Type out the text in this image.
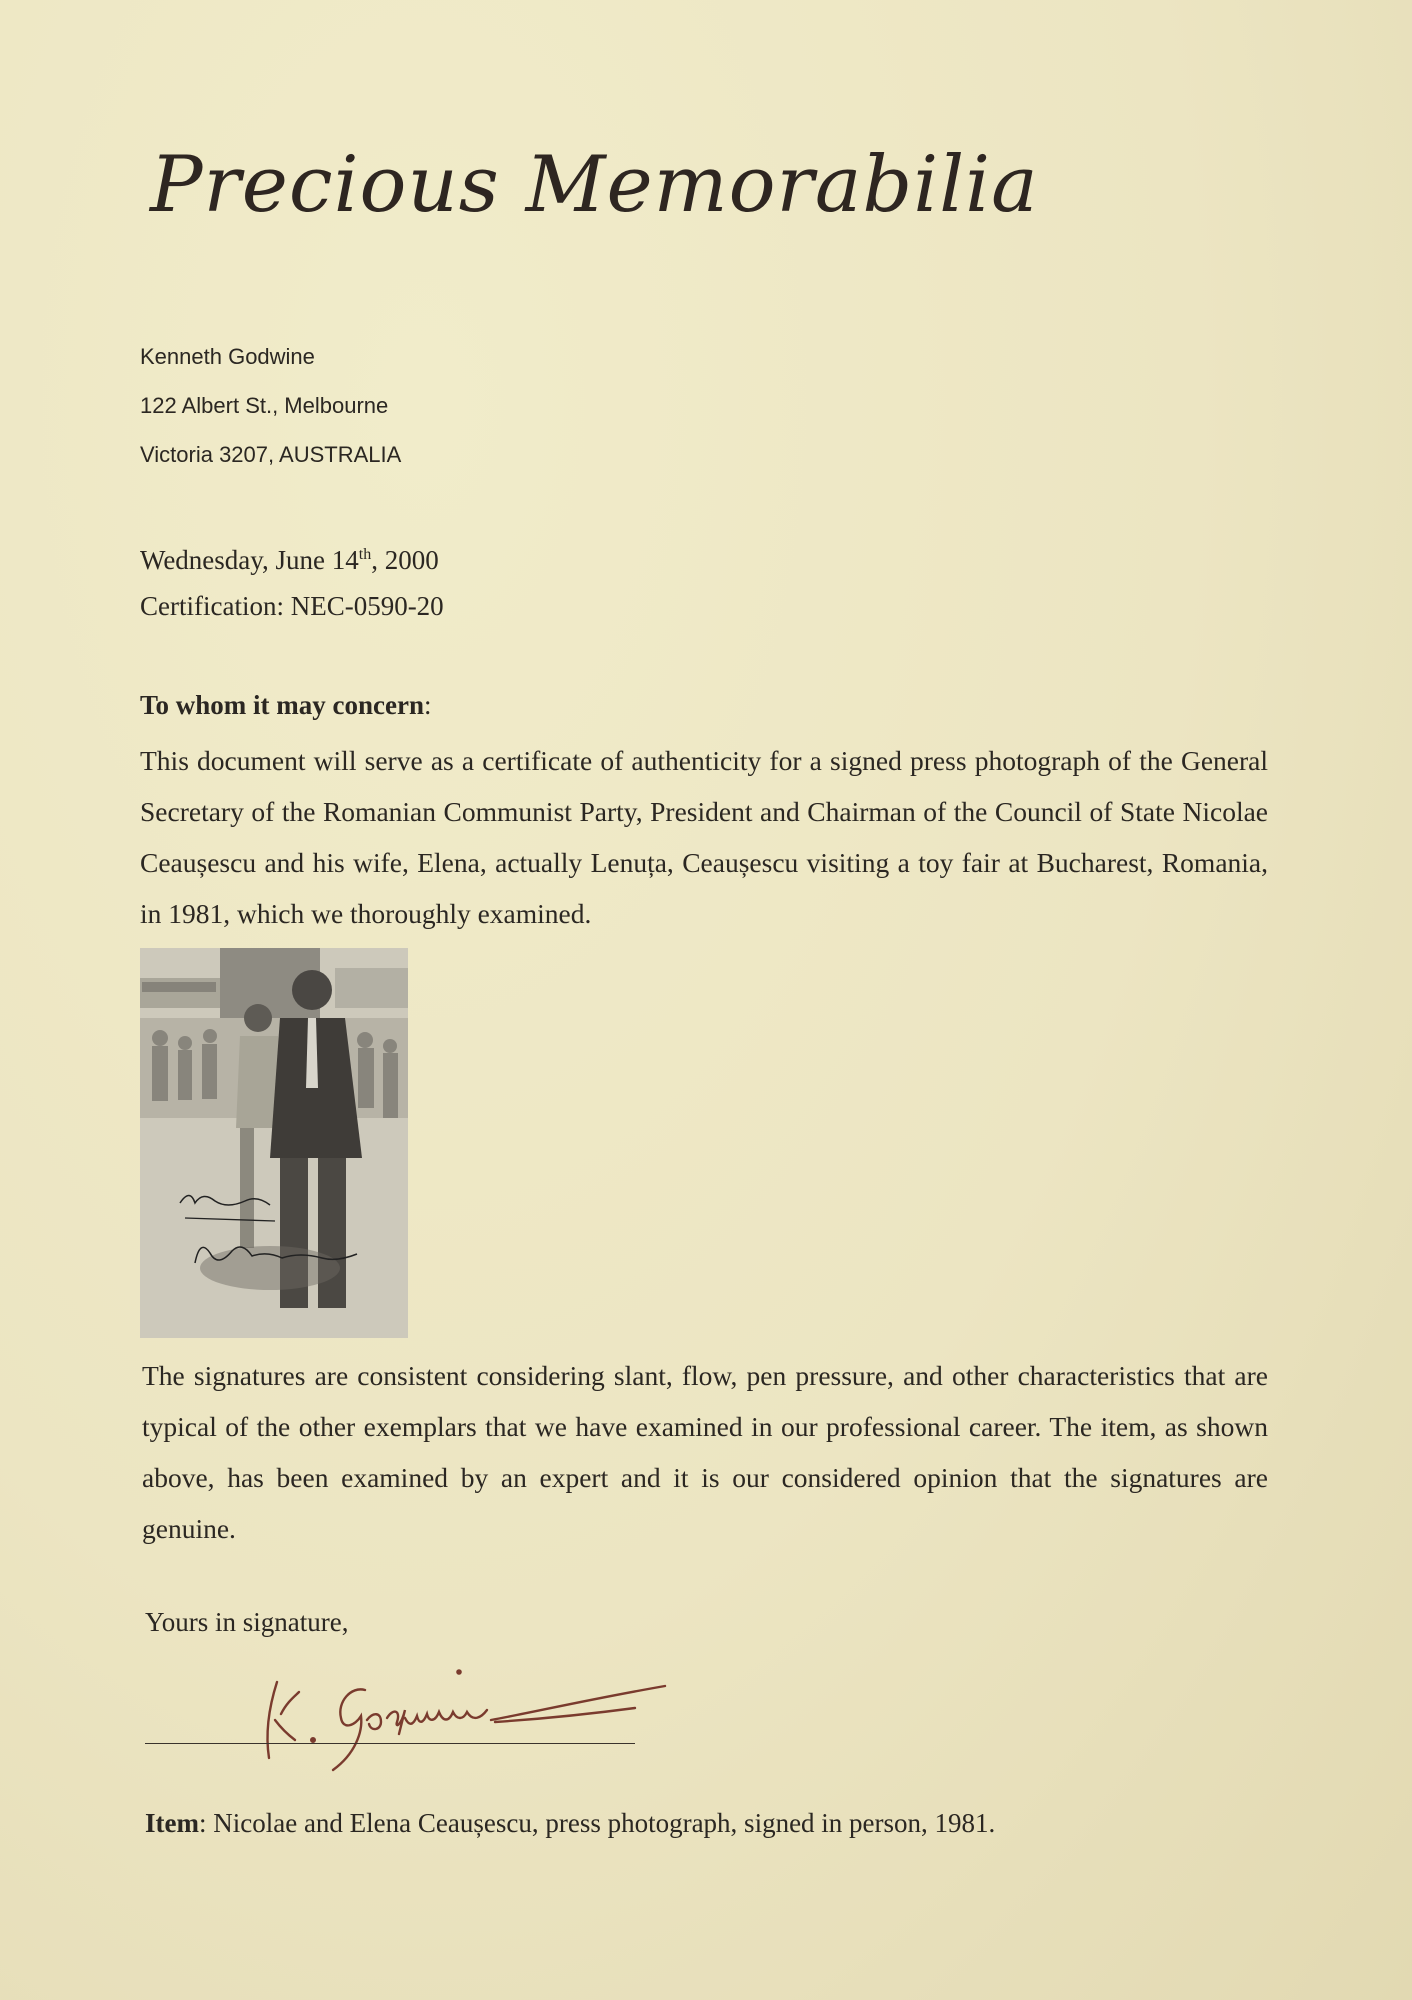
Precious Memorabilia
Kenneth Godwine
122 Albert St., Melbourne
Victoria 3207, AUSTRALIA
Wednesday, June 14th, 2000
Certification: NEC-0590-20
To whom it may concern:
This document will serve as a certificate of authenticity for a signed press photograph of the General Secretary of the Romanian Communist Party, President and Chairman of the Council of State Nicolae Ceaușescu and his wife, Elena, actually Lenuța, Ceaușescu visiting a toy fair at Bucharest, Romania, in 1981, which we thoroughly examined.
The signatures are consistent considering slant, flow, pen pressure, and other characteristics that are typical of the other exemplars that we have examined in our professional career. The item, as shown above, has been examined by an expert and it is our considered opinion that the signatures are genuine.
Yours in signature,
Item: Nicolae and Elena Ceaușescu, press photograph, signed in person, 1981.
